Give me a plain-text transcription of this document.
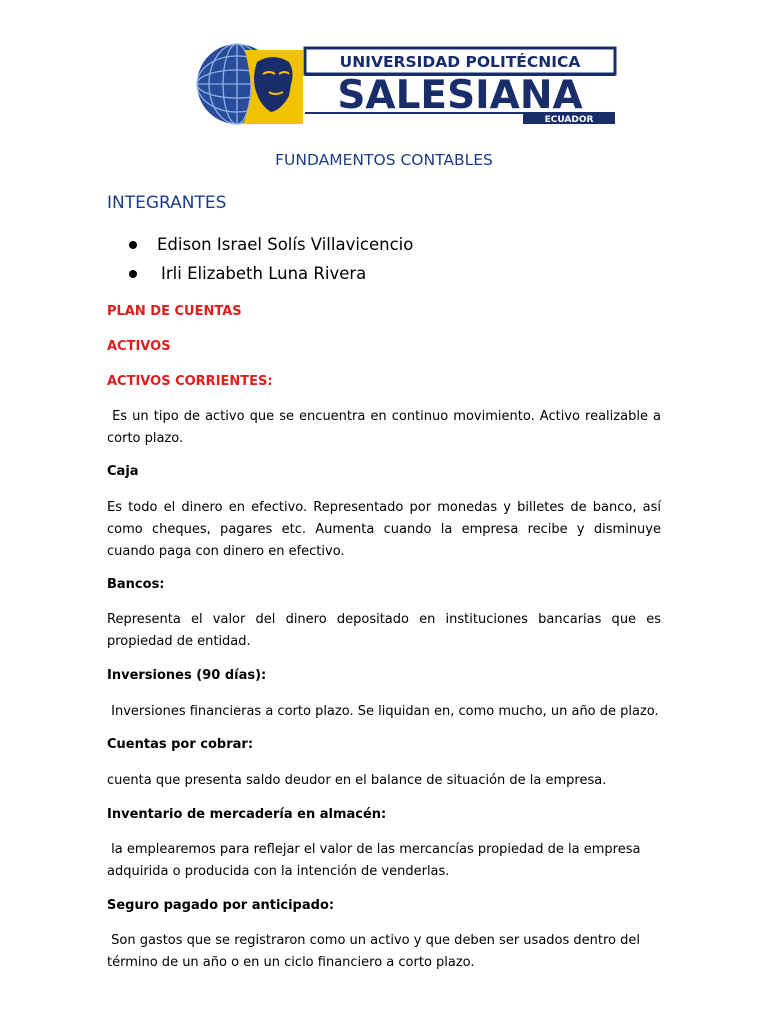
UNIVERSIDAD POLITÉCNICA
SALESIANA
ECUADOR
FUNDAMENTOS CONTABLES
INTEGRANTES
Edison Israel Solís Villavicencio
Irli Elizabeth Luna Rivera
PLAN DE CUENTAS
ACTIVOS
ACTIVOS CORRIENTES:
Es un tipo de activo que se encuentra en continuo movimiento. Activo realizable a corto plazo.
Caja
Es todo el dinero en efectivo. Representado por monedas y billetes de banco, así como cheques, pagares etc. Aumenta cuando la empresa recibe y disminuye cuando paga con dinero en efectivo.
Bancos:
Representa el valor del dinero depositado en instituciones bancarias que es propiedad de entidad.
Inversiones (90 días):
Inversiones financieras a corto plazo. Se liquidan en, como mucho, un año de plazo.
Cuentas por cobrar:
cuenta que presenta saldo deudor en el balance de situación de la empresa.
Inventario de mercadería en almacén:
la emplearemos para reflejar el valor de las mercancías propiedad de la empresa adquirida o producida con la intención de venderlas.
Seguro pagado por anticipado:
Son gastos que se registraron como un activo y que deben ser usados dentro del término de un año o en un ciclo financiero a corto plazo.
